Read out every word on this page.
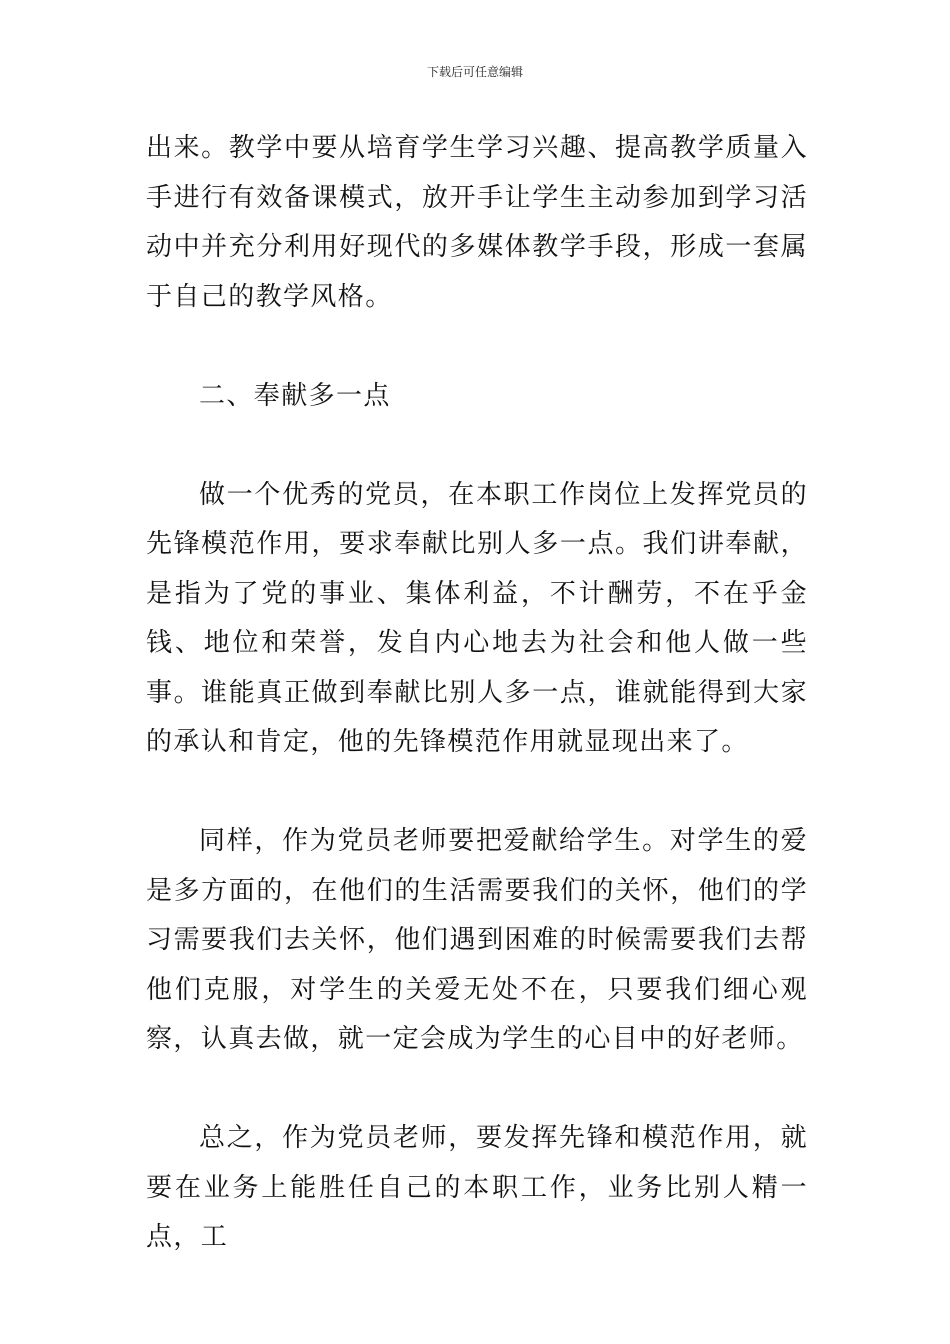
下载后可任意编辑

出来。教学中要从培育学生学习兴趣、提高教学质量入手进行有效备课模式，放开手让学生主动参加到学习活动中并充分利用好现代的多媒体教学手段，形成一套属于自己的教学风格。

二、奉献多一点

做一个优秀的党员，在本职工作岗位上发挥党员的先锋模范作用，要求奉献比别人多一点。我们讲奉献，是指为了党的事业、集体利益，不计酬劳，不在乎金钱、地位和荣誉，发自内心地去为社会和他人做一些事。谁能真正做到奉献比别人多一点，谁就能得到大家的承认和肯定，他的先锋模范作用就显现出来了。

同样，作为党员老师要把爱献给学生。对学生的爱是多方面的，在他们的生活需要我们的关怀，他们的学习需要我们去关怀，他们遇到困难的时候需要我们去帮他们克服，对学生的关爱无处不在，只要我们细心观察，认真去做，就一定会成为学生的心目中的好老师。

总之，作为党员老师，要发挥先锋和模范作用，就要在业务上能胜任自己的本职工作，业务比别人精一点，工
